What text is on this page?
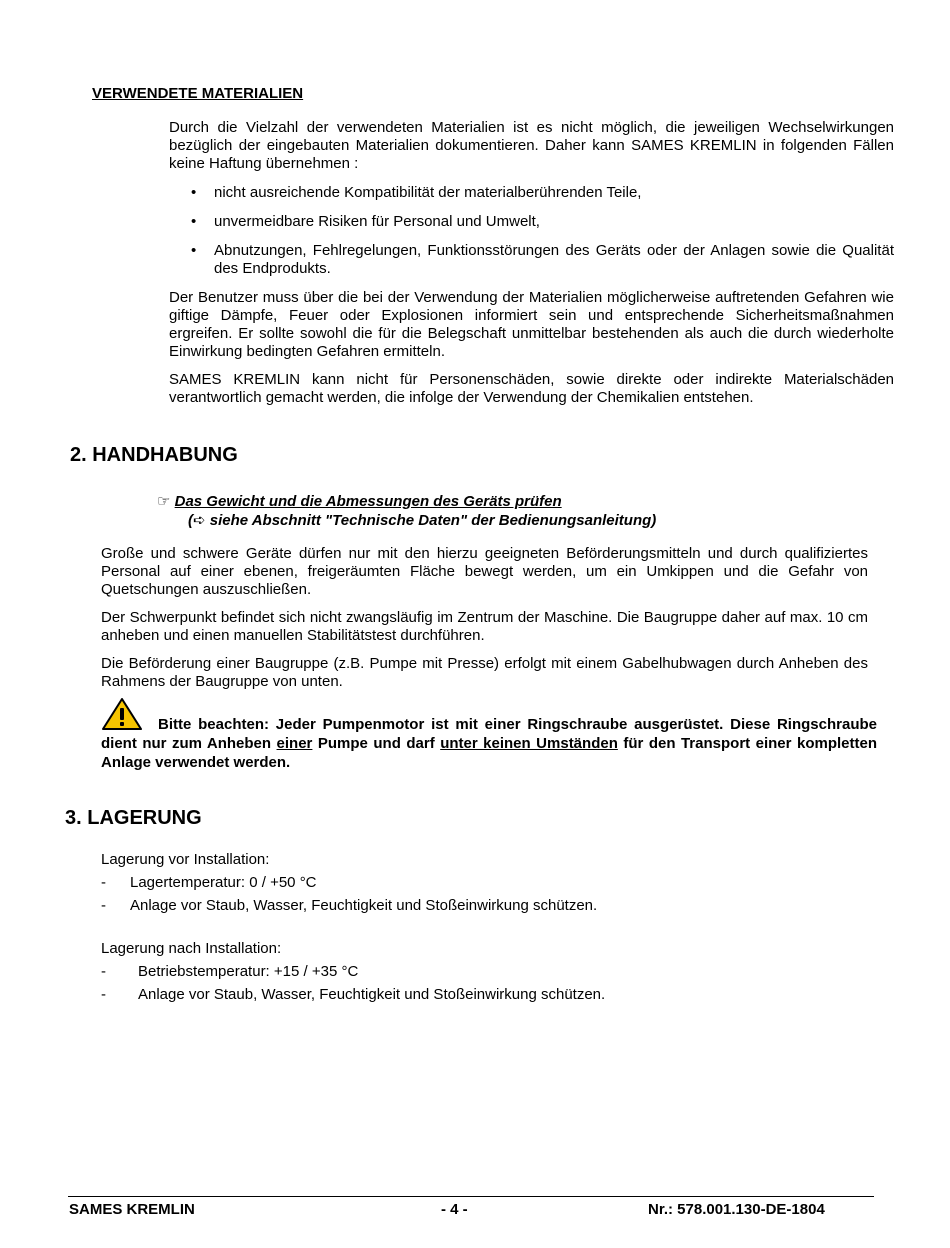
VERWENDETE MATERIALIEN

Durch die Vielzahl der verwendeten Materialien ist es nicht möglich, die jeweiligen Wechselwirkungen bezüglich der eingebauten Materialien dokumentieren. Daher kann SAMES KREMLIN in folgenden Fällen keine Haftung übernehmen :

• nicht ausreichende Kompatibilität der materialberührenden Teile,
• unvermeidbare Risiken für Personal und Umwelt,
• Abnutzungen, Fehlregelungen, Funktionsstörungen des Geräts oder der Anlagen sowie die Qualität des Endprodukts.

Der Benutzer muss über die bei der Verwendung der Materialien möglicherweise auftretenden Gefahren wie giftige Dämpfe, Feuer oder Explosionen informiert sein und entsprechende Sicherheitsmaßnahmen ergreifen. Er sollte sowohl die für die Belegschaft unmittelbar bestehenden als auch die durch wiederholte Einwirkung bedingten Gefahren ermitteln.

SAMES KREMLIN kann nicht für Personenschäden, sowie direkte oder indirekte Materialschäden verantwortlich gemacht werden, die infolge der Verwendung der Chemikalien entstehen.

2. HANDHABUNG
☞ Das Gewicht und die Abmessungen des Geräts prüfen
(➪ siehe Abschnitt "Technische Daten" der Bedienungsanleitung)

Große und schwere Geräte dürfen nur mit den hierzu geeigneten Beförderungsmitteln und durch qualifiziertes Personal auf einer ebenen, freigeräumten Fläche bewegt werden, um ein Umkippen und die Gefahr von Quetschungen auszuschließen.

Der Schwerpunkt befindet sich nicht zwangsläufig im Zentrum der Maschine. Die Baugruppe daher auf max. 10 cm anheben und einen manuellen Stabilitätstest durchführen.

Die Beförderung einer Baugruppe (z.B. Pumpe mit Presse) erfolgt mit einem Gabelhubwagen durch Anheben des Rahmens der Baugruppe von unten.

Bitte beachten: Jeder Pumpenmotor ist mit einer Ringschraube ausgerüstet. Diese Ringschraube dient nur zum Anheben einer Pumpe und darf unter keinen Umständen für den Transport einer kompletten Anlage verwendet werden.
3. LAGERUNG
Lagerung vor Installation:
- Lagertemperatur: 0 / +50 °C
- Anlage vor Staub, Wasser, Feuchtigkeit und Stoßeinwirkung schützen.
Lagerung nach Installation:
- Betriebstemperatur: +15 / +35 °C
- Anlage vor Staub, Wasser, Feuchtigkeit und Stoßeinwirkung schützen.
SAMES KREMLIN	- 4 -	Nr.: 578.001.130-DE-1804
